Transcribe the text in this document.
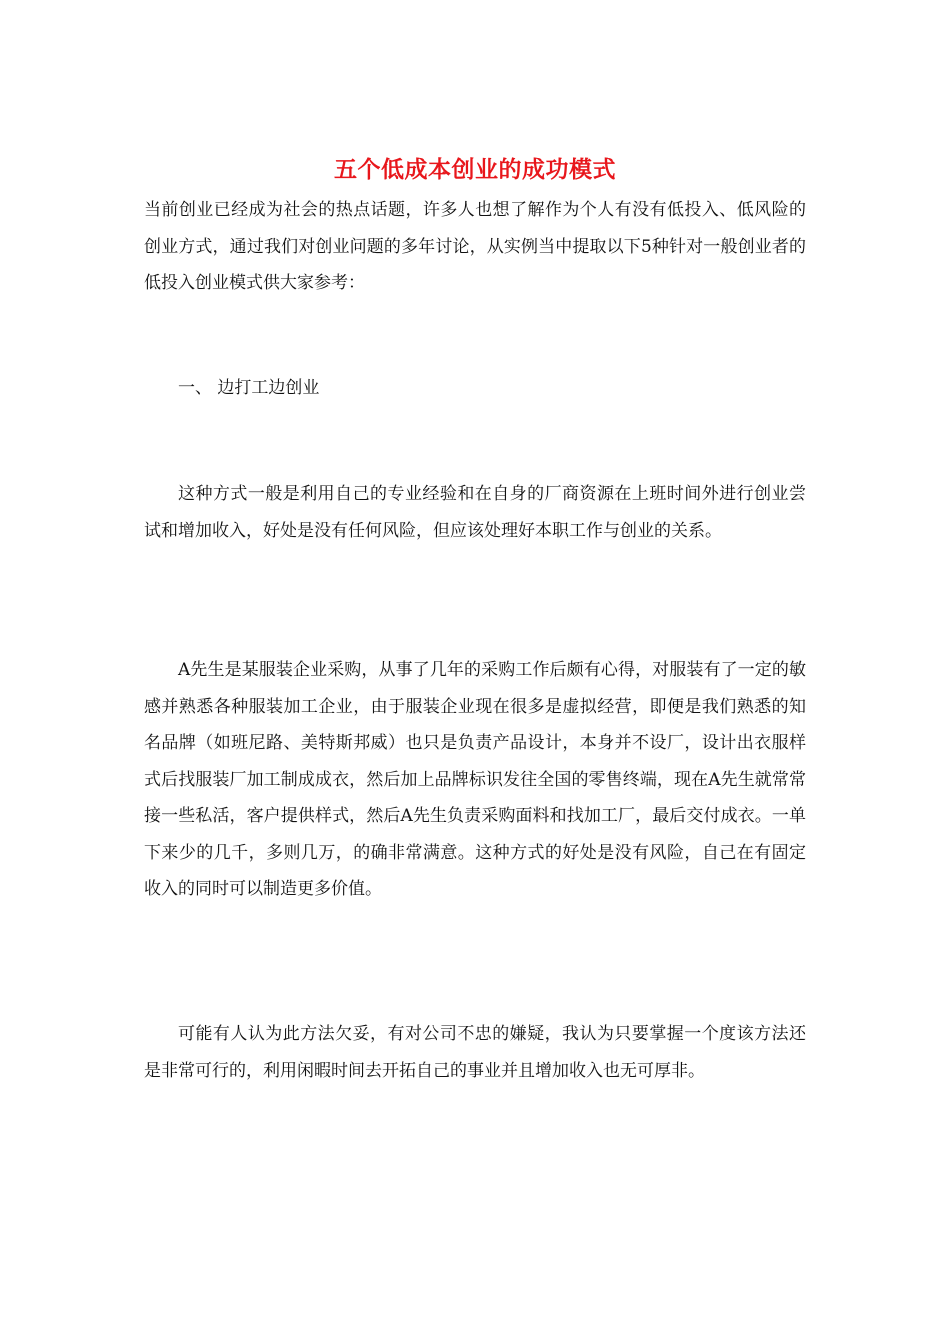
五个低成本创业的成功模式

当前创业已经成为社会的热点话题，许多人也想了解作为个人有没有低投入、低风险的创业方式，通过我们对创业问题的多年讨论，从实例当中提取以下5种针对一般创业者的低投入创业模式供大家参考：

一、 边打工边创业

这种方式一般是利用自己的专业经验和在自身的厂商资源在上班时间外进行创业尝试和增加收入，好处是没有任何风险，但应该处理好本职工作与创业的关系。

A先生是某服装企业采购，从事了几年的采购工作后颇有心得，对服装有了一定的敏感并熟悉各种服装加工企业，由于服装企业现在很多是虚拟经营，即便是我们熟悉的知名品牌（如班尼路、美特斯邦威）也只是负责产品设计，本身并不设厂，设计出衣服样式后找服装厂加工制成成衣，然后加上品牌标识发往全国的零售终端，现在A先生就常常接一些私活，客户提供样式，然后A先生负责采购面料和找加工厂，最后交付成衣。一单下来少的几千，多则几万，的确非常满意。这种方式的好处是没有风险，自己在有固定收入的同时可以制造更多价值。

可能有人认为此方法欠妥，有对公司不忠的嫌疑，我认为只要掌握一个度该方法还是非常可行的，利用闲暇时间去开拓自己的事业并且增加收入也无可厚非。
